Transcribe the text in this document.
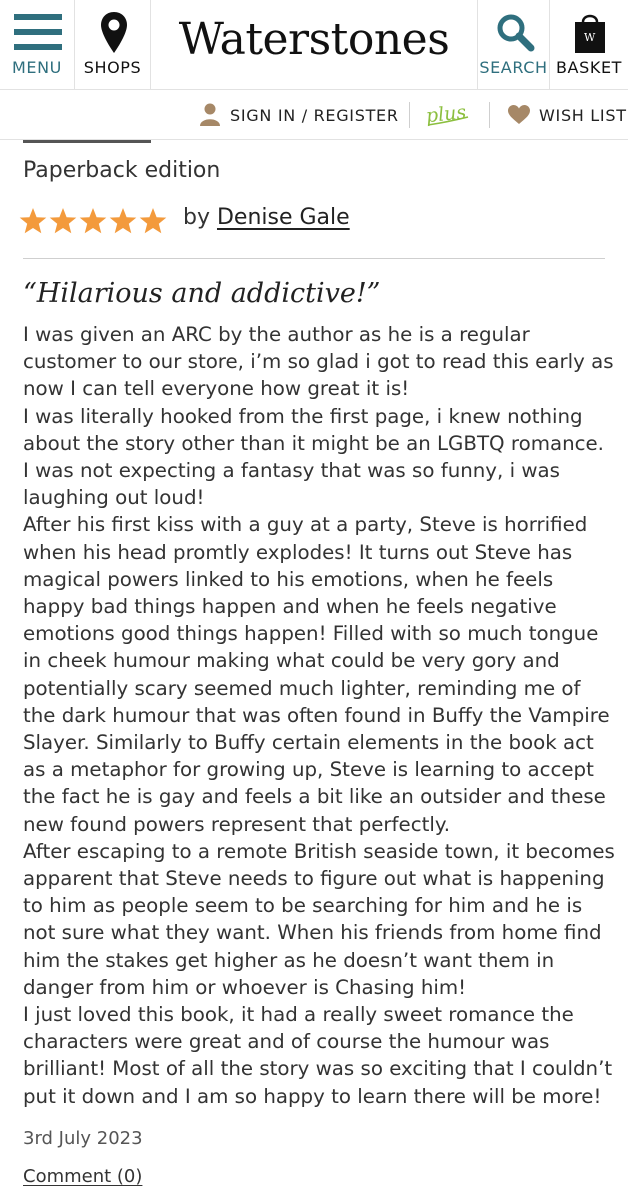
MENU	SHOPS
Waterstones
SEARCH
W
BASKET
SIGN IN / REGISTER plus	WISH LIST
Paperback edition
by Denise Gale
“Hilarious and addictive!”

I was given an ARC by the author as he is a regular

customer to our store, i’m so glad i got to read this early as

now I can tell everyone how great it is!

I was literally hooked from the first page, i knew nothing

about the story other than it might be an LGBTQ romance.

I was not expecting a fantasy that was so funny, i was

laughing out loud!

After his first kiss with a guy at a party, Steve is horrified

when his head promtly explodes! It turns out Steve has

magical powers linked to his emotions, when he feels

happy bad things happen and when he feels negative

emotions good things happen! Filled with so much tongue

in cheek humour making what could be very gory and

potentially scary seemed much lighter, reminding me of

the dark humour that was often found in Buffy the Vampire

Slayer. Similarly to Buffy certain elements in the book act

as a metaphor for growing up, Steve is learning to accept

the fact he is gay and feels a bit like an outsider and these

new found powers represent that perfectly.

After escaping to a remote British seaside town, it becomes

apparent that Steve needs to figure out what is happening

to him as people seem to be searching for him and he is

not sure what they want. When his friends from home find

him the stakes get higher as he doesn’t want them in

danger from him or whoever is Chasing him!

I just loved this book, it had a really sweet romance the

characters were great and of course the humour was

brilliant! Most of all the story was so exciting that I couldn’t

put it down and I am so happy to learn there will be more!

3rd July 2023
Comment (0)
